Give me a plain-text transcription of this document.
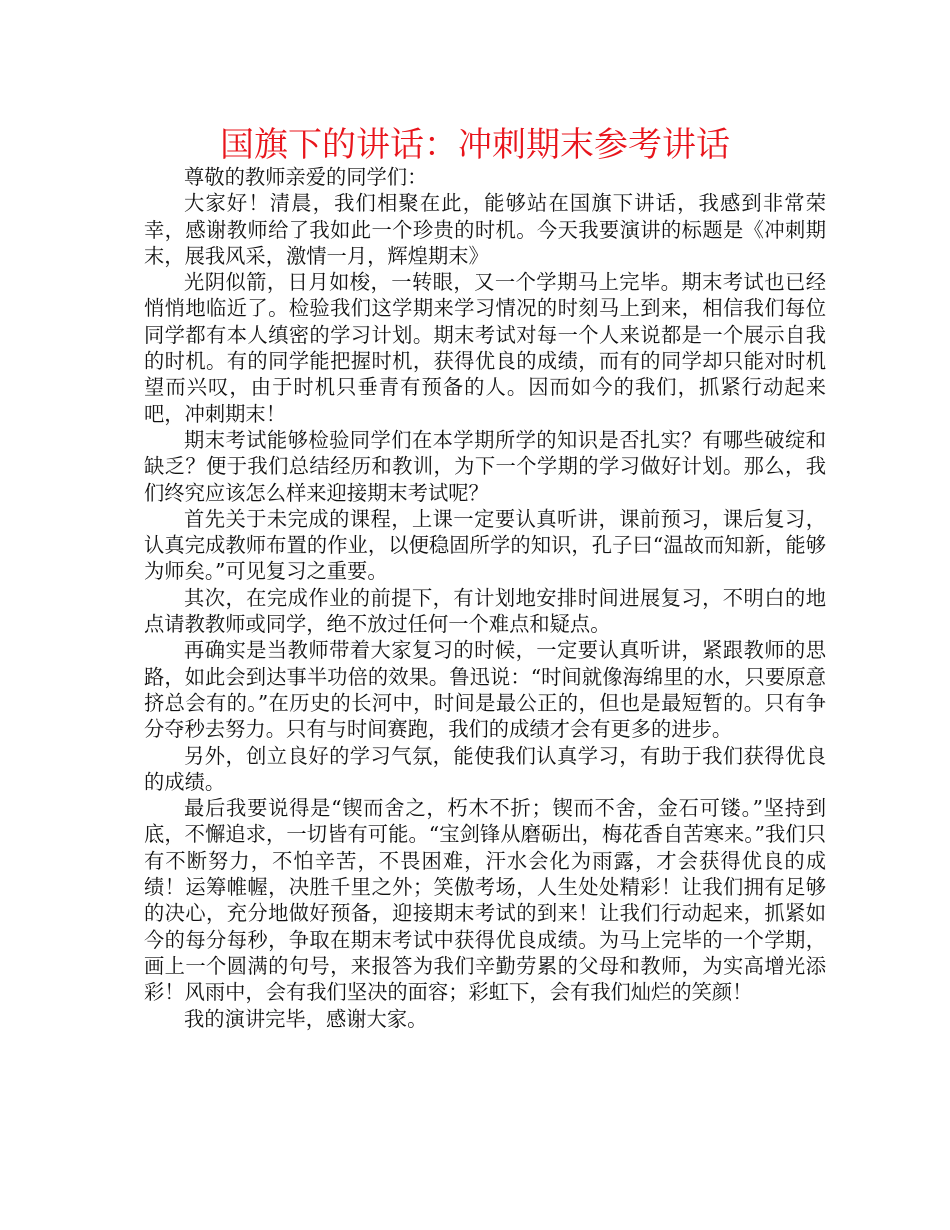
国旗下的讲话：冲刺期末参考讲话

尊敬的教师亲爱的同学们：

大家好！清晨，我们相聚在此，能够站在国旗下讲话，我感到非常荣幸，感谢教师给了我如此一个珍贵的时机。今天我要演讲的标题是《冲刺期末，展我风采，激情一月，辉煌期末》

光阴似箭，日月如梭，一转眼，又一个学期马上完毕。期末考试也已经悄悄地临近了。检验我们这学期来学习情况的时刻马上到来，相信我们每位同学都有本人缜密的学习计划。期末考试对每一个人来说都是一个展示自我的时机。有的同学能把握时机，获得优良的成绩，而有的同学却只能对时机望而兴叹，由于时机只垂青有预备的人。因而如今的我们，抓紧行动起来吧，冲刺期末！

期末考试能够检验同学们在本学期所学的知识是否扎实？有哪些破绽和缺乏？便于我们总结经历和教训，为下一个学期的学习做好计划。那么，我们终究应该怎么样来迎接期末考试呢？

首先关于未完成的课程，上课一定要认真听讲，课前预习，课后复习，认真完成教师布置的作业，以便稳固所学的知识，孔子曰“温故而知新，能够为师矣。”可见复习之重要。

其次，在完成作业的前提下，有计划地安排时间进展复习，不明白的地点请教教师或同学，绝不放过任何一个难点和疑点。

再确实是当教师带着大家复习的时候，一定要认真听讲，紧跟教师的思路，如此会到达事半功倍的效果。鲁迅说：“时间就像海绵里的水，只要原意挤总会有的。”在历史的长河中，时间是最公正的，但也是最短暂的。只有争分夺秒去努力。只有与时间赛跑，我们的成绩才会有更多的进步。

另外，创立良好的学习气氛，能使我们认真学习，有助于我们获得优良的成绩。

最后我要说得是“锲而舍之，朽木不折；锲而不舍，金石可镂。”坚持到底，不懈追求，一切皆有可能。“宝剑锋从磨砺出，梅花香自苦寒来。”我们只有不断努力，不怕辛苦，不畏困难，汗水会化为雨露，才会获得优良的成绩！运筹帷幄，决胜千里之外；笑傲考场，人生处处精彩！让我们拥有足够的决心，充分地做好预备，迎接期末考试的到来！让我们行动起来，抓紧如今的每分每秒，争取在期末考试中获得优良成绩。为马上完毕的一个学期，画上一个圆满的句号，来报答为我们辛勤劳累的父母和教师，为实高增光添彩！风雨中，会有我们坚决的面容；彩虹下，会有我们灿烂的笑颜！

我的演讲完毕，感谢大家。
